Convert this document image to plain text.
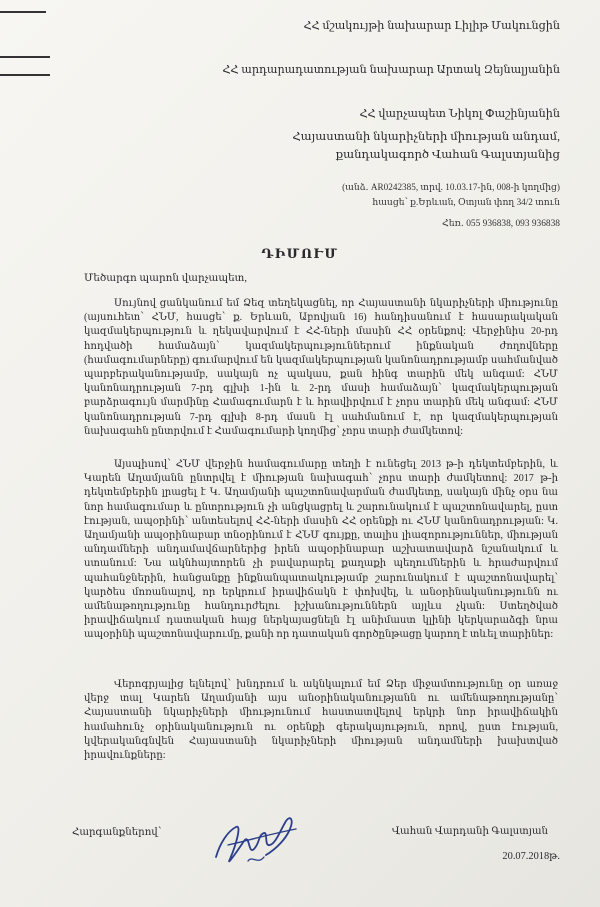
ՀՀ մշակույթի նախարար Լիլիթ Մակունցին
ՀՀ արդարադատության նախարար Արտակ Զեյնալյանին
ՀՀ վարչապետ Նիկոլ Փաշինյանին
Հայաստանի նկարիչների միության անդամ,
քանդակագործ Վահան Գալստյանից
(անձ․ AR0242385, տրվ. 10.03.17-ին, 008-ի կողմից)
հասցե՝ ք.Երևան, Օտյան փող 34/2 տուն
Հեռ․ 055 936838, 093 936838
ԴԻՄՈՒՄ
Մեծարգո պարոն վարչապետ,

Սույնով ցանկանում եմ Ձեզ տեղեկացնել, որ Հայաստանի նկարիչների միությունը (այսուհետ՝ ՀՆՄ, հասցե՝ ք. Երևան, Աբովյան 16) հանդիսանում է հասարակական կազմակերպություն և ղեկավարվում է ՀՀ-ների մասին ՀՀ օրենքով: Վերջինիս 20-րդ հոդվածի համաձայն՝ կազմակերպություններում ինքնական ժողովները (համագումարները) գումարվում են կազմակերպության կանոնադրությամբ սահմանված պարբերականությամբ, սակայն ոչ պակաս, քան հինգ տարին մեկ անգամ: ՀՆՄ կանոնադրության 7-րդ գլխի 1-ին և 2-րդ մասի համաձայն՝ կազմակերպության բարձրագույն մարմինը Համագումարն է և հրավիրվում է չորս տարին մեկ անգամ: ՀՆՄ կանոնադրության 7-րդ գլխի 8-րդ մասն էլ սահմանում է, որ կազմակերպության նախագահն ընտրվում է Համագումարի կողմից՝ չորս տարի ժամկետով:

Այսպիսով՝ ՀՆՄ վերջին համագումարը տեղի է ունեցել 2013 թ-ի դեկտեմբերին, և Կարեն Աղամյանն ընտրվել է միության նախագահ՝ չորս տարի ժամկետով: 2017 թ-ի դեկտեմբերին լրացել է Կ. Աղամյանի պաշտոնավարման ժամկետը, սակայն մինչ օրս նա նոր համագումար և ընտրություն չի անցկացրել և շարունակում է պաշտոնավարել, ըստ էության, ապօրինի՝ անտեսելով ՀՀ-ների մասին ՀՀ օրենքի ու ՀՆՄ կանոնադրության: Կ. Աղամյանի ապօրինաբար տնօրինում է ՀՆՄ գույքը, տալիս լիազորություններ, միության անդամների անդամավճարներից իրեն ապօրինաբար աշխատավարձ նշանակում և ստանում: Նա ակնհայտորեն չի բավարարել քաղաքի պեղումներին և հրաժարվում պահանջներին, հանցանքը ինքնանպատակությամբ շարունակում է պաշտոնավարել՝ կարծես մոռանալով, որ երկրում իրավիճակն է փոխվել, և անօրինականությունն ու ամենաթողությունը հանդուրժելու իշխանություններն այլևս չկան: Ստեղծված իրավիճակում դատական հայց ներկայացնելն էլ անիմաստ կլինի կերկարաձգի նրա ապօրինի պաշտոնավարումը, քանի որ դատական գործընթացը կարող է տևել տարիներ:

Վերոգրյալից ելնելով՝ խնդրում և ակնկալում եմ Ձեր միջամտությունը օր առաջ վերջ տալ Կարեն Աղամյանի այս անօրինականությանն ու ամենաթողությանը՝ Հայաստանի նկարիչների միությունում հաստատվելով երկրի նոր իրավիճակին համահունչ օրինականություն ու օրենքի գերակայություն, որով, ըստ էության, կվերականգնվեն Հայաստանի նկարիչների միության անդամների խախտված իրավունքները:

Հարգանքներով՝	Վահան Վարդանի Գալստյան
20.07.2018թ.
